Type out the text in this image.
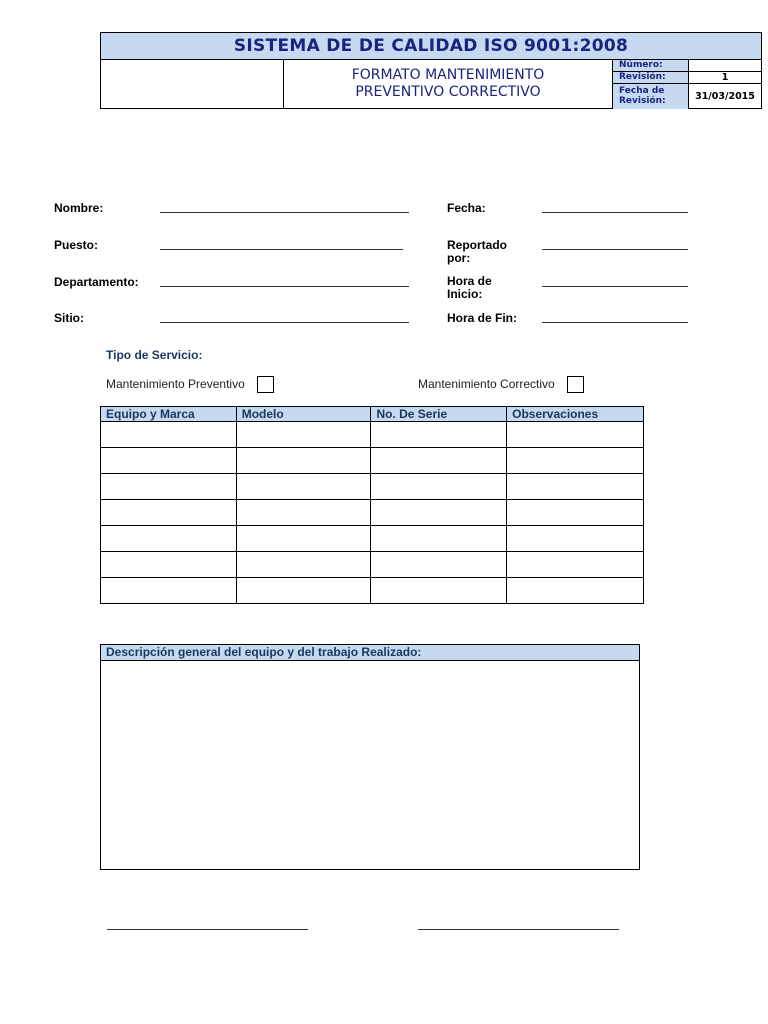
SISTEMA DE DE CALIDAD ISO 9001:2008
FORMATO MANTENIMIENTO
PREVENTIVO CORRECTIVO
Número:
Revisión:	1
Fecha de
Revisión:	31/03/2015
Nombre:
Puesto:
Departamento:
Sitio:
Fecha:
Reportado
por:
Hora de
Inicio:
Hora de Fin:
Tipo de Servicio:
Mantenimiento Preventivo	Mantenimiento Correctivo
Equipo y Marca	Modelo	No. De Serie	Observaciones

Descripción general del equipo y del trabajo Realizado:
